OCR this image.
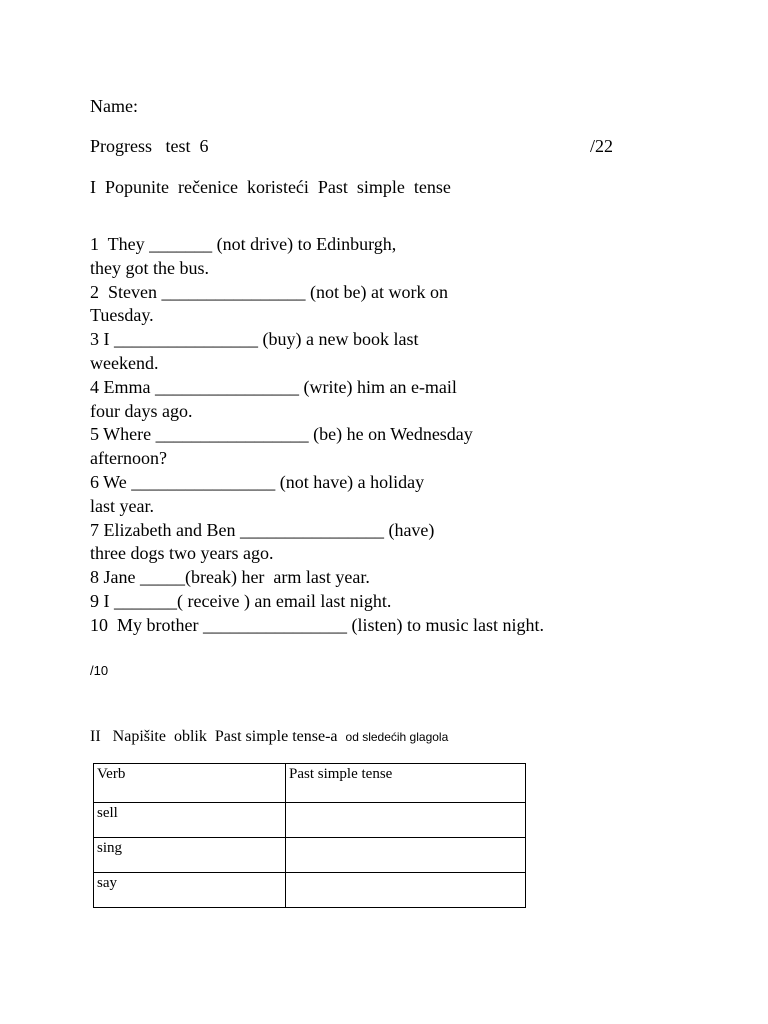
Name:
Progress   test  6	/22
I  Popunite  rečenice  koristeći  Past  simple  tense
1  They _______ (not drive) to Edinburgh,
they got the bus.
2  Steven ________________ (not be) at work on
Tuesday.
3 I ________________ (buy) a new book last
weekend.
4 Emma ________________ (write) him an e-mail
four days ago.
5 Where _________________ (be) he on Wednesday
afternoon?
6 We ________________ (not have) a holiday
last year.
7 Elizabeth and Ben ________________ (have)
three dogs two years ago.
8 Jane _____(break) her  arm last year.
9 I _______( receive ) an email last night.
10  My brother ________________ (listen) to music last night.
/10
II   Napišite  oblik  Past simple tense-a  od sledećih glagola
Verb	Past simple tense
sell	
sing	
say	
